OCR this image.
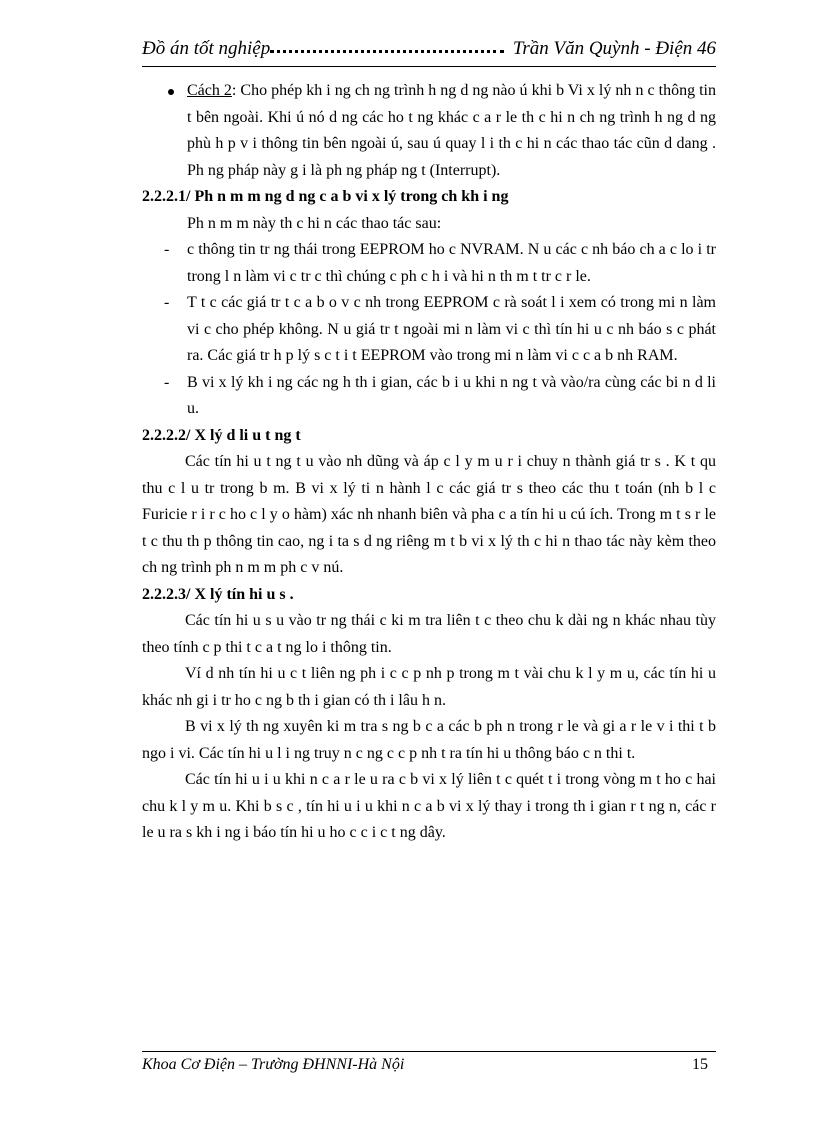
Đồ án tốt nghiệp	Trần Văn Quỳnh - Điện 46

Cách 2: Cho phép kh i ng ch ng trình h ng d ng nào ú khi b Vi x lý nh n c thông tin t bên ngoài. Khi ú nó d ng các ho t ng khác c a r le th c hi n ch ng trình h ng d ng phù h p v i thông tin bên ngoài ú, sau ú quay l i th c hi n các thao tác cũn d dang . Ph ng pháp này g i là ph ng pháp ng t (Interrupt).

2.2.2.1/ Ph n m m ng d ng c a b vi x lý trong ch kh i ng

Ph n m m này th c hi n các thao tác sau:

- c thông tin tr ng thái trong EEPROM ho c NVRAM. N u các c nh báo ch a c lo i tr trong l n làm vi c tr c thì chúng c ph c h i và hi n th m t tr c r le.

- T t c các giá tr t c a b o v c nh trong EEPROM c rà soát l i xem có trong mi n làm vi c cho phép không. N u giá tr t ngoài mi n làm vi c thì tín hi u c nh báo s c phát ra. Các giá tr h p lý s c t i t EEPROM vào trong mi n làm vi c c a b nh RAM.

- B vi x lý kh i ng các ng h th i gian, các b i u khi n ng t và vào/ra cùng các bi n d li u.

2.2.2.2/ X lý d li u t ng t

Các tín hi u t ng t u vào nh dũng và áp c l y m u r i chuy n thành giá tr s . K t qu thu c l u tr trong b m. B vi x lý ti n hành l c các giá tr s theo các thu t toán (nh b l c Furicie r i r c ho c l y o hàm) xác nh nhanh biên và pha c a tín hi u cú ích. Trong m t s r le t c thu th p thông tin cao, ng i ta s d ng riêng m t b vi x lý th c hi n thao tác này kèm theo ch ng trình ph n m m ph c v nú.

2.2.2.3/ X lý tín hi u s .

Các tín hi u s u vào tr ng thái c ki m tra liên t c theo chu k dài ng n khác nhau tùy theo tính c p thi t c a t ng lo i thông tin.

Ví d nh tín hi u c t liên ng ph i c c p nh p trong m t vài chu k l y m u, các tín hi u khác nh gi i tr ho c ng b th i gian có th i lâu h n.

B vi x lý th ng xuyên ki m tra s ng b c a các b ph n trong r le và gi a r le v i thi t b ngo i vi. Các tín hi u l i ng truy n c ng c c p nh t ra tín hi u thông báo c n thi t.

Các tín hi u i u khi n c a r le u ra c b vi x lý liên t c quét t i trong vòng m t ho c hai chu k l y m u. Khi b s c , tín hi u i u khi n c a b vi x lý thay i trong th i gian r t ng n, các r le u ra s kh i ng i báo tín hi u ho c c i c t ng dây.

Khoa Cơ Điện – Trường ĐHNNI-Hà Nội	15
